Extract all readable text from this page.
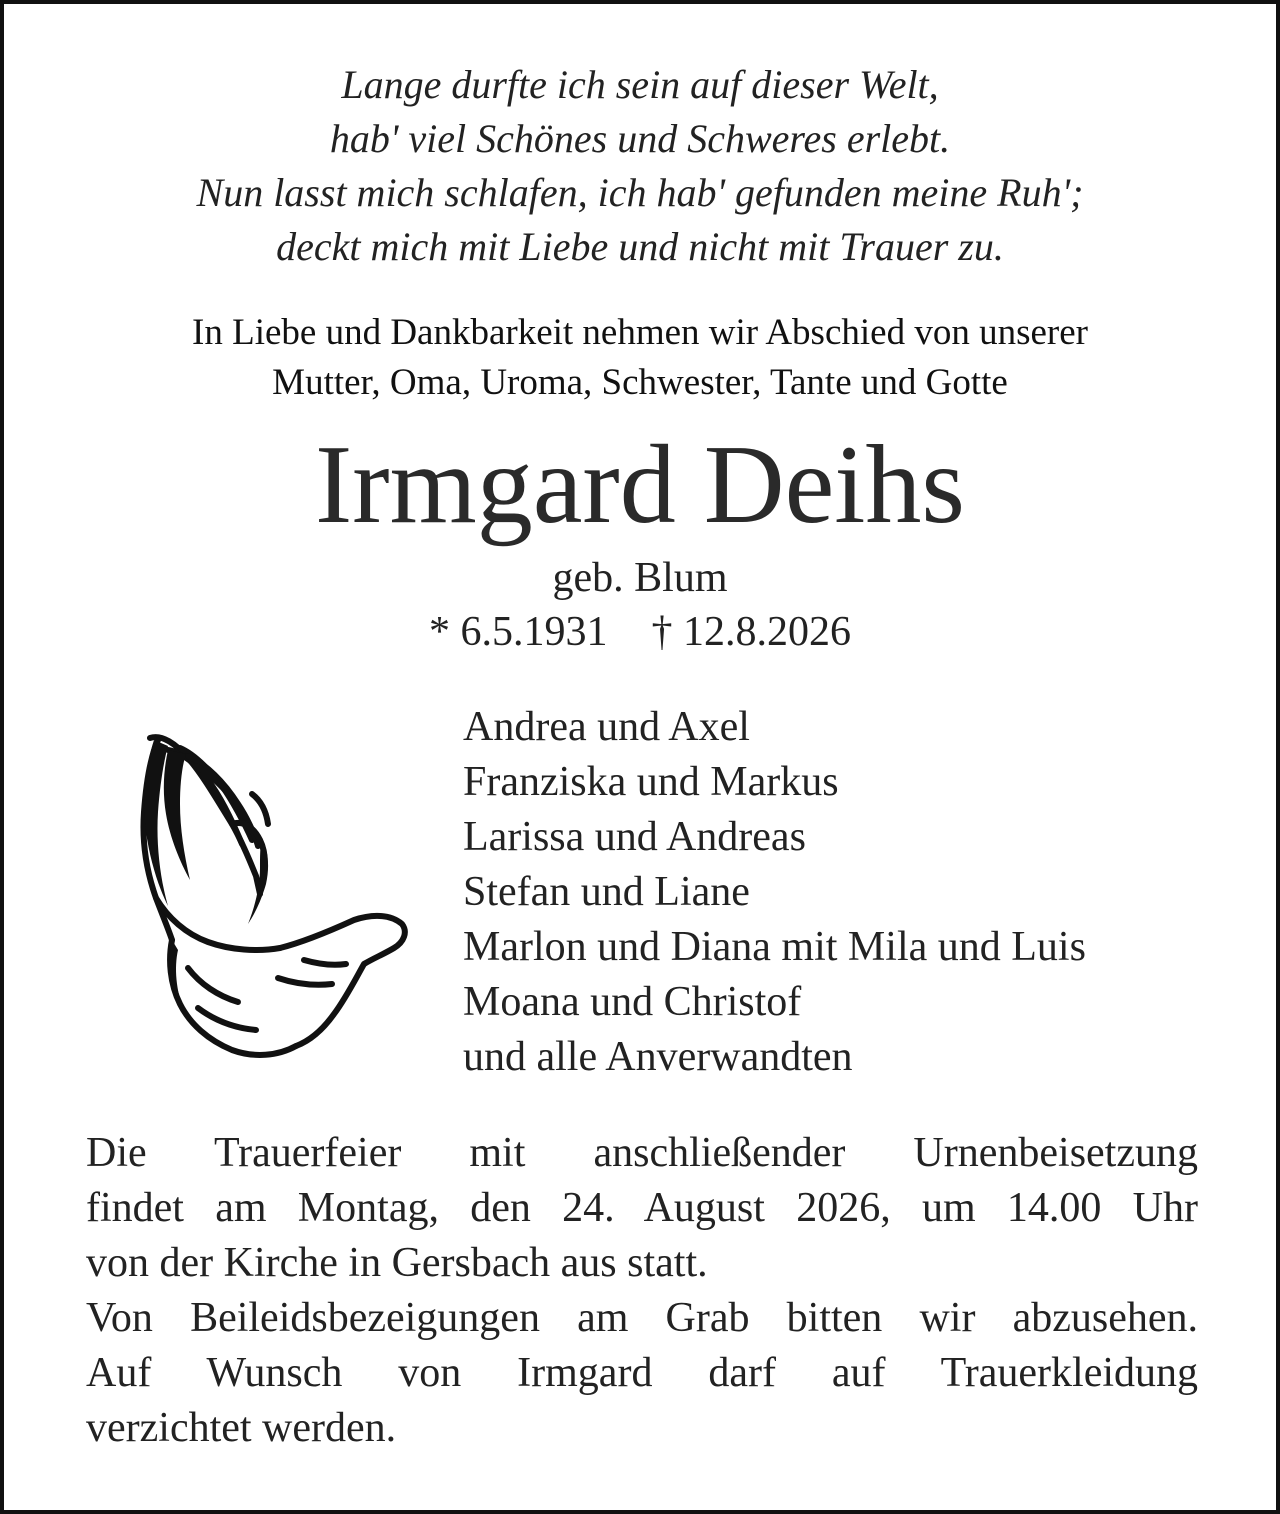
Lange durfte ich sein auf dieser Welt,
hab' viel Schönes und Schweres erlebt.
Nun lasst mich schlafen, ich hab' gefunden meine Ruh';
deckt mich mit Liebe und nicht mit Trauer zu.
In Liebe und Dankbarkeit nehmen wir Abschied von unserer
Mutter, Oma, Uroma, Schwester, Tante und Gotte
Irmgard Deihs
geb. Blum
* 6.5.1931 † 12.8.2026
Andrea und Axel
Franziska und Markus
Larissa und Andreas
Stefan und Liane
Marlon und Diana mit Mila und Luis
Moana und Christof
und alle Anverwandten

Die Trauerfeier mit anschließender Urnenbeisetzung

findet am Montag, den 24. August 2026, um 14.00 Uhr

von der Kirche in Gersbach aus statt.

Von Beileidsbezeigungen am Grab bitten wir abzusehen.

Auf Wunsch von Irmgard darf auf Trauerkleidung

verzichtet werden.
